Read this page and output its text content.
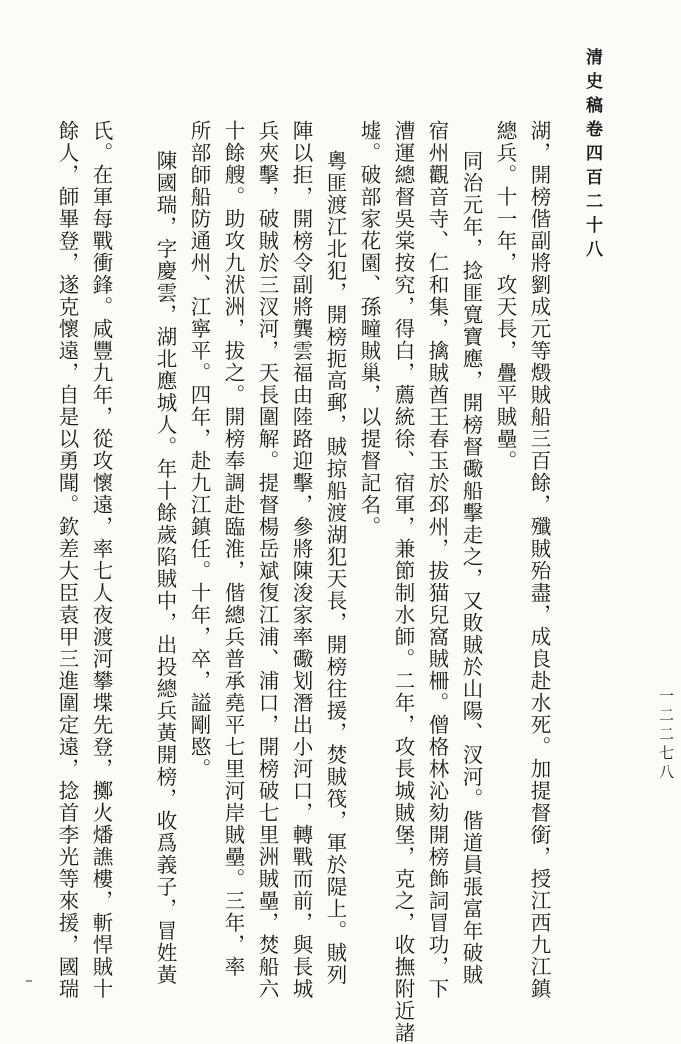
清史稿卷四百二十八
一二二七八
湖，開榜偕副將劉成元等燬賊船三百餘，殲賊殆盡，成良赴水死。加提督銜，授江西九江鎮
總兵。十一年，攻天長，疊平賊壘。
同治元年，捻匪寬寶應，開榜督礮船擊走之，又敗賊於山陽、汊河。偕道員張富年破賊
宿州觀音寺、仁和集，擒賊酋王春玉於邳州，拔猫兒窩賊柵。僧格林沁劾開榜飾詞冒功，下
漕運總督吳棠按究，得白，薦統徐、宿軍，兼節制水師。二年，攻長城賊堡，克之，收撫附近諸
墟。破部家花園、孫疃賊巢，以提督記名。
粵匪渡江北犯，開榜扼高郵，賊掠船渡湖犯天長，開榜往援，焚賊筏，軍於隄上。賊列
陣以拒，開榜令副將龔雲福由陸路迎擊，參將陳浚家率礮划潛出小河口，轉戰而前，與長城
兵夾擊，破賊於三汊河，天長圍解。提督楊岳斌復江浦、浦口，開榜破七里洲賊壘，焚船六
十餘艘。助攻九洑洲，拔之。開榜奉調赴臨淮，偕總兵普承堯平七里河岸賊壘。三年，率
所部師船防通州、江寧平。四年，赴九江鎮任。十年，卒，謚剛愍。
陳國瑞，字慶雲，湖北應城人。年十餘歲陷賊中，出投總兵黃開榜，收爲義子，冒姓黃
氏。在軍每戰衝鋒。咸豐九年，從攻懷遠，率七人夜渡河攀堞先登，擲火燔譙樓，斬悍賊十
餘人，師畢登，遂克懷遠，自是以勇聞。欽差大臣袁甲三進圍定遠，捻首李光等來援，國瑞
